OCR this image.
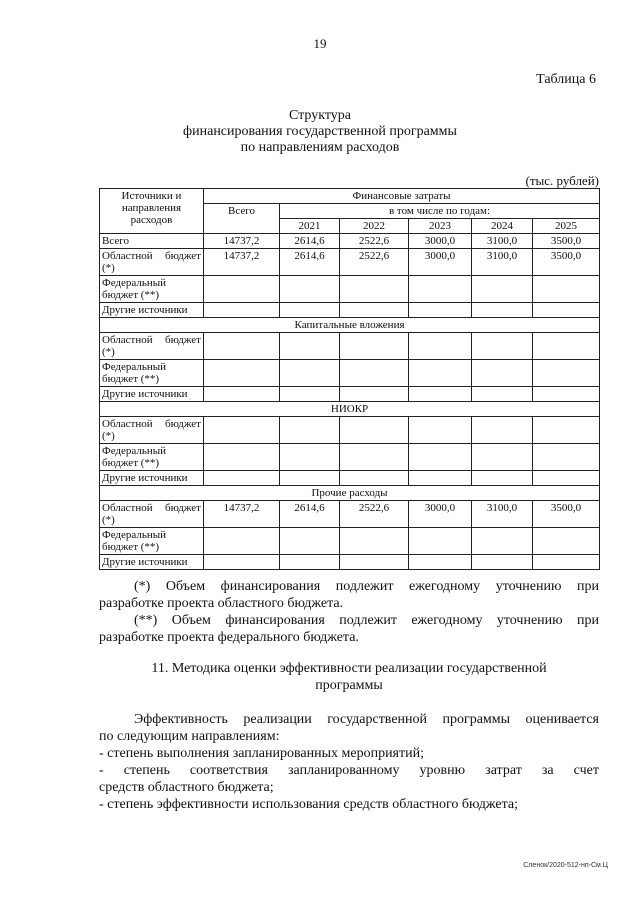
19
Таблица 6
Структура
финансирования государственной программы
по направлениям расходов
(тыс. рублей)
Источники и направления расходов	Финансовые затраты					
	Всего	в том числе по годам:				
		2021	2022	2023	2024	2025
Всего	14737,2	2614,6	2522,6	3000,0	3100,0	3500,0

Областной бюджет (*)	14737,2	2614,6	2522,6	3000,0	3100,0	3500,0

Федеральный бюджет (**)						

Другие источники						
Капитальные вложения						

Областной бюджет (*)						

Федеральный бюджет (**)						

Другие источники						
НИОКР						

Областной бюджет (*)						

Федеральный бюджет (**)						

Другие источники						
Прочие расходы						

Областной бюджет (*)	14737,2	2614,6	2522,6	3000,0	3100,0	3500,0

Федеральный бюджет (**)						

Другие источники						
(*) Объем финансирования подлежит ежегодному уточнению при
разработке проекта областного бюджета.
(**) Объем финансирования подлежит ежегодному уточнению при
разработке проекта федерального бюджета.
11. Методика оценки эффективности реализации государственной
программы
Эффективность реализации государственной программы оценивается
по следующим направлениям:
- степень выполнения запланированных мероприятий;
- степень соответствия запланированному уровню затрат за счет
средств областного бюджета;
- степень эффективности использования средств областного бюджета;
Сленок/2020-512-нп-См.Ц
